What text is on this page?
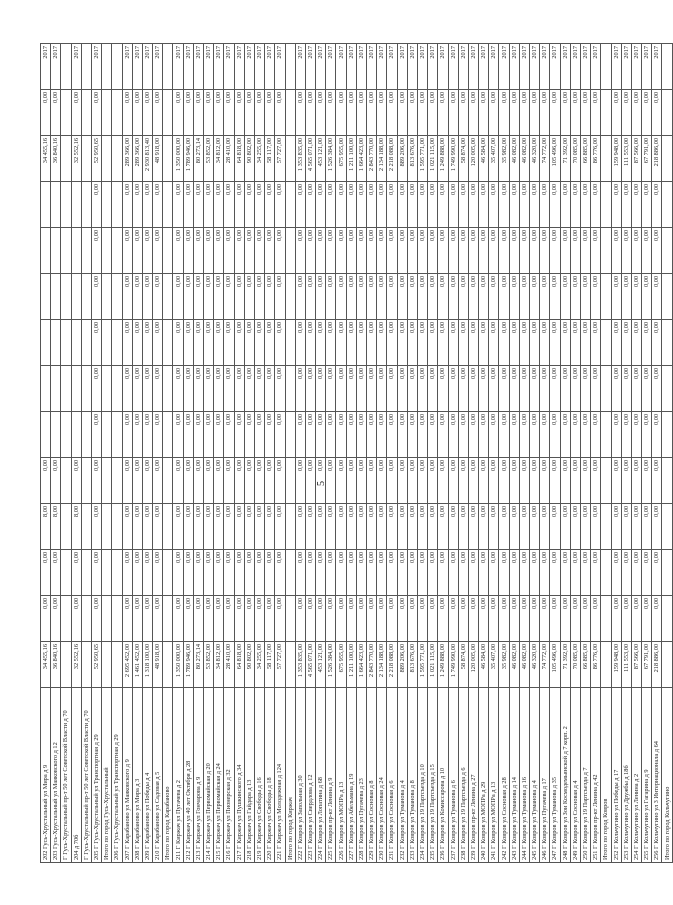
5
202 Гусь-Хрустальный ул Мира д 9	34 455,16	0,00	0,00	8,00	0,00							34 455,16	0,00	2017
203 Гусь-Хрустальный ул Маяковского д 12	36 840,16	0,00	0,00	8,00	0,00							36 840,16	0,00	2017
Г Гусь-Хрустальный пр-т 50 лет Советской Власти д 70														
204 д 70б	32 552,16	0,00	0,00	8,00	0,00							32 552,16	0,00	2017
Г Гусь-Хрустальный пр-т 50 лет Советской Власти д 70														
205 Г Гусь-Хрустальный ул Транспортная д 29	52 950,65	0,00	0,00	0,00	0,00	0,00	0,00	0,00	0,00	0,00	0,00	52 950,65	0,00	2017
Итого по город Гусь-Хрустальный														
206 Г Гусь-Хрустальный ул Транспортная д 29														
207 Г Карабаново ул Маяковского д 9	2 695 452,00	0,00	0,00	0,00	0,00	0,00	0,00	0,00	0,00	0,00	0,00	289 366,00	0,00	2017
208 Г Карабаново ул Мира д 3	1 461 452,00	0,00	0,00	0,00	0,00	0,00	0,00	0,00	0,00	0,00	0,00	289 366,00	0,00	2017
209 Г Карабаново ул Победы д 4	1 318 100,00	0,00	0,00	0,00	0,00	0,00	0,00	0,00	0,00	0,00	0,00	2 930 813,40	0,00	2017
210 Г Карабаново ул Садовая д 5	48 918,00	0,00	0,00	0,00	0,00	0,00	0,00	0,00	0,00	0,00	0,00	48 918,00	0,00	2017
Итого по город Карабаново														
211 Г Киржач ул Пугачева д 2	1 350 000,00	0,00	0,00	0,00	0,00	0,00	0,00	0,00	0,00	0,00	0,00	1 350 000,00	0,00	2017
212 Г Киржач ул 40 лет Октября д 28	1 789 946,00	0,00	0,00	0,00	0,00	0,00	0,00	0,00	0,00	0,00	0,00	1 789 946,00	0,00	2017
213 Г Киржач ул Гончарова д 9	80 273,14	0,00	0,00	0,00	0,00	0,00	0,00	0,00	0,00	0,00	0,00	80 273,14	0,00	2017
214 Г Киржач ул Первомайская д 20	53 852,00	0,00	0,00	0,00	0,00	0,00	0,00	0,00	0,00	0,00	0,00	53 852,00	0,00	2017
215 Г Киржач ул Первомайская д 24	34 812,00	0,00	0,00	0,00	0,00	0,00	0,00	0,00	0,00	0,00	0,00	34 812,00	0,00	2017
216 Г Киржач ул Пионерская д 32	28 410,00	0,00	0,00	0,00	0,00	0,00	0,00	0,00	0,00	0,00	0,00	28 410,00	0,00	2017
217 Г Киржач ул Пушкинского д 34	64 818,00	0,00	0,00	0,00	0,00	0,00	0,00	0,00	0,00	0,00	0,00	64 818,00	0,00	2017
218 Г Киржач ул Гайдара д 13	90 802,00	0,00	0,00	0,00	0,00	0,00	0,00	0,00	0,00	0,00	0,00	90 802,00	0,00	2017
219 Г Киржач ул Свободы д 16	34 255,00	0,00	0,00	0,00	0,00	0,00	0,00	0,00	0,00	0,00	0,00	34 255,00	0,00	2017
220 Г Киржач ул Свободы д 18	58 117,00	0,00	0,00	0,00	0,00	0,00	0,00	0,00	0,00	0,00	0,00	58 117,00	0,00	2017
221 Г Киржач ул Молодежная д 124	57 727,00	0,00	0,00	0,00	0,00	0,00	0,00	0,00	0,00	0,00	0,00	57 727,00	0,00	2017
Итого по город Киржач														
222 Г Ковров ул Запольная д 30	1 353 835,00	0,00	0,00	0,00	0,00	0,00	0,00	0,00	0,00	0,00	0,00	1 353 835,00	0,00	2017
223 Г Ковров ул Свердлова д 12	4 565 071,00	0,00	0,00	0,00	0,00	0,00	0,00	0,00	0,00	0,00	0,00	4 565 071,00	0,00	2017
224 Г Ковров ул Лопатина д 68	453 121,00	0,00	0,00	0,00	0,00	0,00	0,00	0,00	0,00	0,00	0,00	453 121,00	0,00	2017
225 Г Ковров пр-кт Ленина д 9	1 526 384,00	0,00	0,00	0,00	0,00	0,00	0,00	0,00	0,00	0,00	0,00	1 526 384,00	0,00	2017
226 Г Ковров ул МОПРа д 13	675 955,00	0,00	0,00	0,00	0,00	0,00	0,00	0,00	0,00	0,00	0,00	675 955,00	0,00	2017
227 Г Ковров ул Абельмана д 19	1 211 100,00	0,00	0,00	0,00	0,00	0,00	0,00	0,00	0,00	0,00	0,00	1 211 100,00	0,00	2017
228 Г Ковров ул Пугачева д 23	1 664 423,00	0,00	0,00	0,00	0,00	0,00	0,00	0,00	0,00	0,00	0,00	1 664 423,00	0,00	2017
229 Г Ковров ул Сосновая д 8	2 843 770,00	0,00	0,00	0,00	0,00	0,00	0,00	0,00	0,00	0,00	0,00	2 843 770,00	0,00	2017
230 Г Ковров ул Сосновая д 24	2 134 188,00	0,00	0,00	0,00	0,00	0,00	0,00	0,00	0,00	0,00	0,00	2 134 188,00	0,00	2017
231 Г Ковров ул Сосновая д 6	2 218 088,00	0,00	0,00	0,00	0,00	0,00	0,00	0,00	0,00	0,00	0,00	2 218 088,00	0,00	2017
232 Г Ковров ул Туманова д 4	889 206,00	0,00	0,00	0,00	0,00	0,00	0,00	0,00	0,00	0,00	0,00	889 206,00	0,00	2017
233 Г Ковров ул Туманова д 8	813 676,00	0,00	0,00	0,00	0,00	0,00	0,00	0,00	0,00	0,00	0,00	813 676,00	0,00	2017
234 Г Ковров ул 19 Партсъезда д 10	1 595 771,00	0,00	0,00	0,00	0,00	0,00	0,00	0,00	0,00	0,00	0,00	1 595 771,00	0,00	2017
235 Г Ковров ул 19 Партсъезда д 15	1 021 115,00	0,00	0,00	0,00	0,00	0,00	0,00	0,00	0,00	0,00	0,00	1 021 115,00	0,00	2017
236 Г Ковров ул Комиссарова д 10	1 249 888,00	0,00	0,00	0,00	0,00	0,00	0,00	0,00	0,00	0,00	0,00	1 249 888,00	0,00	2017
237 Г Ковров ул Туманова д 6	1 749 990,00	0,00	0,00	0,00	0,00	0,00	0,00	0,00	0,00	0,00	0,00	1 749 990,00	0,00	2017
238 Г Ковров ул 19 Партсъезда д 6	58 874,00	0,00	0,00	0,00	0,00	0,00	0,00	0,00	0,00	0,00	0,00	58 874,00	0,00	2017
239 Г Ковров пр-кт Ленина д 27	120 005,00	0,00	0,00	0,00	0,00	0,00	0,00	0,00	0,00	0,00	0,00	120 005,00	0,00	2017
240 Г Ковров ул МОПРа д 29	46 584,00	0,00	0,00	0,00	0,00	0,00	0,00	0,00	0,00	0,00	0,00	46 584,00	0,00	2017
241 Г Ковров ул МОПРа д 13	35 407,00	0,00	0,00	0,00	0,00	0,00	0,00	0,00	0,00	0,00	0,00	35 407,00	0,00	2017
242 Г Ковров ул Сосновая д 28	35 982,00	0,00	0,00	0,00	0,00	0,00	0,00	0,00	0,00	0,00	0,00	35 982,00	0,00	2017
243 Г Ковров ул Туманова д 14	46 082,00	0,00	0,00	0,00	0,00	0,00	0,00	0,00	0,00	0,00	0,00	46 082,00	0,00	2017
244 Г Ковров ул Туманова д 16	46 082,00	0,00	0,00	0,00	0,00	0,00	0,00	0,00	0,00	0,00	0,00	46 082,00	0,00	2017
245 Г Ковров ул Туманова д 4	46 320,00	0,00	0,00	0,00	0,00	0,00	0,00	0,00	0,00	0,00	0,00	46 320,00	0,00	2017
246 Г Ковров ул Пугачева д 17	74 772,00	0,00	0,00	0,00	0,00	0,00	0,00	0,00	0,00	0,00	0,00	74 772,00	0,00	2017
247 Г Ковров ул Туманова д 35	105 496,00	0,00	0,00	0,00	0,00	0,00	0,00	0,00	0,00	0,00	0,00	105 496,00	0,00	2017
248 Г Ковров ул Зои Космодемьянской д 7 корп. 2	71 392,00	0,00	0,00	0,00	0,00	0,00	0,00	0,00	0,00	0,00	0,00	71 392,00	0,00	2017
249 Г Ковров ул Сосновая д 4	70 085,00	0,00	0,00	0,00	0,00	0,00	0,00	0,00	0,00	0,00	0,00	70 085,00	0,00	2017
250 Г Ковров ул 19 Партсъезда д 7	66 885,00	0,00	0,00	0,00	0,00	0,00	0,00	0,00	0,00	0,00	0,00	66 885,00	0,00	2017
251 Г Ковров пр-кт Ленина д 42	86 776,00	0,00	0,00	0,00	0,00	0,00	0,00	0,00	0,00	0,00	0,00	86 776,00	0,00	2017
Итого по город Ковров														
252 Г Кольчугино ул Победы д 17	159 948,00	0,00	0,00	0,00	0,00	0,00	0,00	0,00	0,00	0,00	0,00	159 948,00	0,00	2017
253 Г Кольчугино ул Дружбы д 18б	111 553,00	0,00	0,00	0,00	0,00	0,00	0,00	0,00	0,00	0,00	0,00	111 553,00	0,00	2017
254 Г Кольчугино ул Ленина д 2	87 566,00	0,00	0,00	0,00	0,00	0,00	0,00	0,00	0,00	0,00	0,00	87 566,00	0,00	2017
255 Г Кольчугино ул Гагарина д 9	67 791,00	0,00	0,00	0,00	0,00	0,00	0,00	0,00	0,00	0,00	0,00	67 791,00	0,00	2017
256 Г Кольчугино ул 3 Интернационала д 64	218 886,00	0,00	0,00	0,00	0,00	0,00	0,00	0,00	0,00	0,00	0,00	218 886,00	0,00	2017
Итого по город Кольчугино														
